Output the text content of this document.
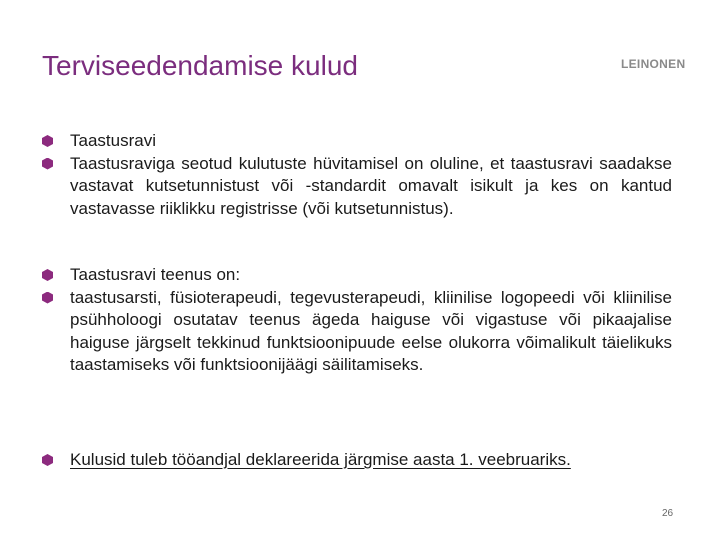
Terviseedendamise kulud	LEINONEN
Taastusravi
Taastusraviga seotud kulutuste hüvitamisel on oluline, et taastusravi saadakse vastavat kutsetunnistust või -standardit omavalt isikult ja kes on kantud vastavasse riiklikku registrisse (või kutsetunnistus).
Taastusravi teenus on:
taastusarsti, füsioterapeudi, tegevusterapeudi, kliinilise logopeedi või kliinilise psühholoogi osutatav teenus ägeda haiguse või vigastuse või pikaajalise haiguse järgselt tekkinud funktsioonipuude eelse olukorra võimalikult täielikuks taastamiseks või funktsioonijäägi säilitamiseks.
Kulusid tuleb tööandjal deklareerida järgmise aasta 1. veebruariks.
26
